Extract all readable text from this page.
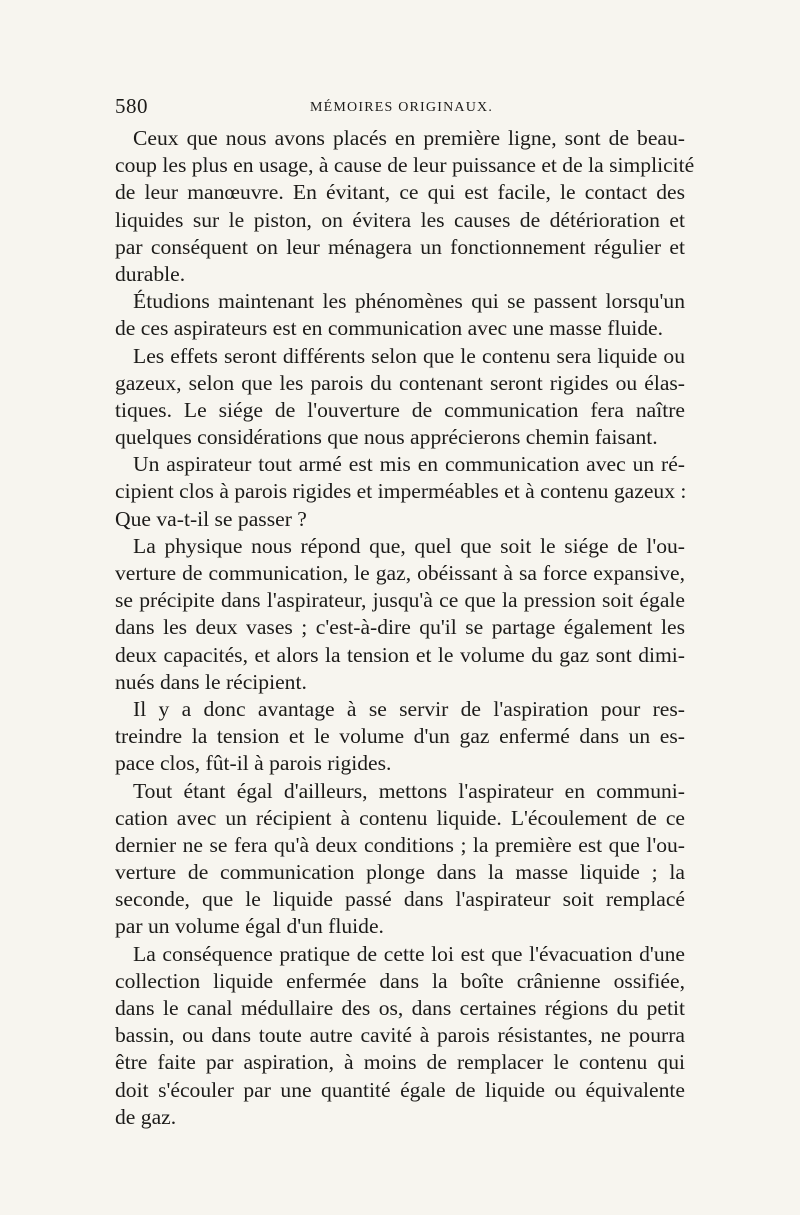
580	MÉMOIRES ORIGINAUX.
Ceux que nous avons placés en première ligne, sont de beau-
coup les plus en usage, à cause de leur puissance et de la simplicité
de leur manœuvre. En évitant, ce qui est facile, le contact des
liquides sur le piston, on évitera les causes de détérioration et
par conséquent on leur ménagera un fonctionnement régulier et
durable.
Étudions maintenant les phénomènes qui se passent lorsqu'un
de ces aspirateurs est en communication avec une masse fluide.
Les effets seront différents selon que le contenu sera liquide ou
gazeux, selon que les parois du contenant seront rigides ou élas-
tiques. Le siége de l'ouverture de communication fera naître
quelques considérations que nous apprécierons chemin faisant.
Un aspirateur tout armé est mis en communication avec un ré-
cipient clos à parois rigides et imperméables et à contenu gazeux :
Que va-t-il se passer ?
La physique nous répond que, quel que soit le siége de l'ou-
verture de communication, le gaz, obéissant à sa force expansive,
se précipite dans l'aspirateur, jusqu'à ce que la pression soit égale
dans les deux vases ; c'est-à-dire qu'il se partage également les
deux capacités, et alors la tension et le volume du gaz sont dimi-
nués dans le récipient.
Il y a donc avantage à se servir de l'aspiration pour res-
treindre la tension et le volume d'un gaz enfermé dans un es-
pace clos, fût-il à parois rigides.
Tout étant égal d'ailleurs, mettons l'aspirateur en communi-
cation avec un récipient à contenu liquide. L'écoulement de ce
dernier ne se fera qu'à deux conditions ; la première est que l'ou-
verture de communication plonge dans la masse liquide ; la
seconde, que le liquide passé dans l'aspirateur soit remplacé
par un volume égal d'un fluide.
La conséquence pratique de cette loi est que l'évacuation d'une
collection liquide enfermée dans la boîte crânienne ossifiée,
dans le canal médullaire des os, dans certaines régions du petit
bassin, ou dans toute autre cavité à parois résistantes, ne pourra
être faite par aspiration, à moins de remplacer le contenu qui
doit s'écouler par une quantité égale de liquide ou équivalente
de gaz.
